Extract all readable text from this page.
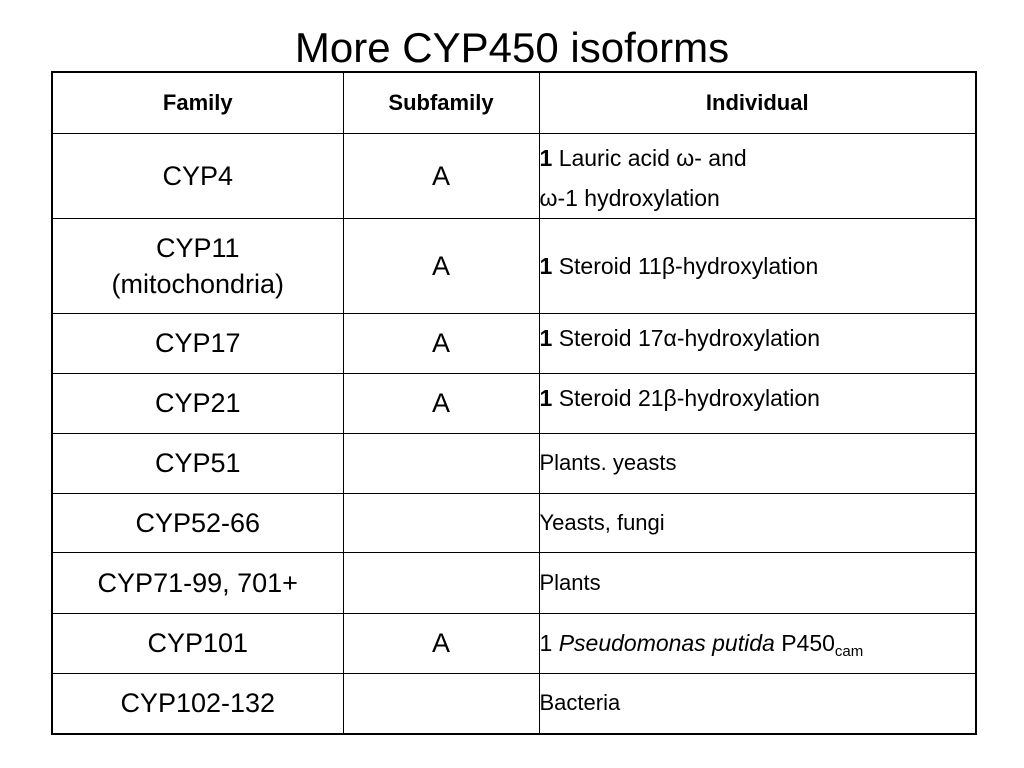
More CYP450 isoforms
Family	Subfamily	Individual
CYP4	A	1 Lauric acid ω- and
ω-1 hydroxylation
CYP11
(mitochondria)	A	1 Steroid 11β-hydroxylation
CYP17	A	1 Steroid 17α-hydroxylation
CYP21	A	1 Steroid 21β-hydroxylation
CYP51		Plants. yeasts
CYP52-66		Yeasts, fungi
CYP71-99, 701+		Plants
CYP101	A	1 Pseudomonas putida $P450_{cam}$
CYP102-132		Bacteria
